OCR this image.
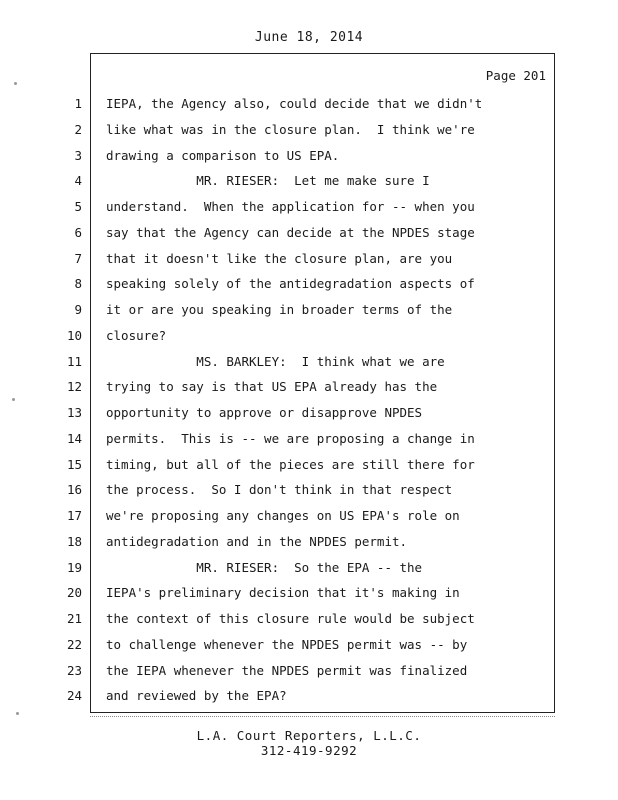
June 18, 2014
Page 201
1 IEPA, the Agency also, could decide that we didn't
2 like what was in the closure plan.  I think we're
3 drawing a comparison to US EPA.
4 MR. RIESER:  Let me make sure I
5 understand.  When the application for -- when you
6 say that the Agency can decide at the NPDES stage
7 that it doesn't like the closure plan, are you
8 speaking solely of the antidegradation aspects of
9 it or are you speaking in broader terms of the
10 closure?
11 MS. BARKLEY:  I think what we are
12 trying to say is that US EPA already has the
13 opportunity to approve or disapprove NPDES
14 permits.  This is -- we are proposing a change in
15 timing, but all of the pieces are still there for
16 the process.  So I don't think in that respect
17 we're proposing any changes on US EPA's role on
18 antidegradation and in the NPDES permit.
19 MR. RIESER:  So the EPA -- the
20 IEPA's preliminary decision that it's making in
21 the context of this closure rule would be subject
22 to challenge whenever the NPDES permit was -- by
23 the IEPA whenever the NPDES permit was finalized
24 and reviewed by the EPA?
L.A. Court Reporters, L.L.C.
312-419-9292
